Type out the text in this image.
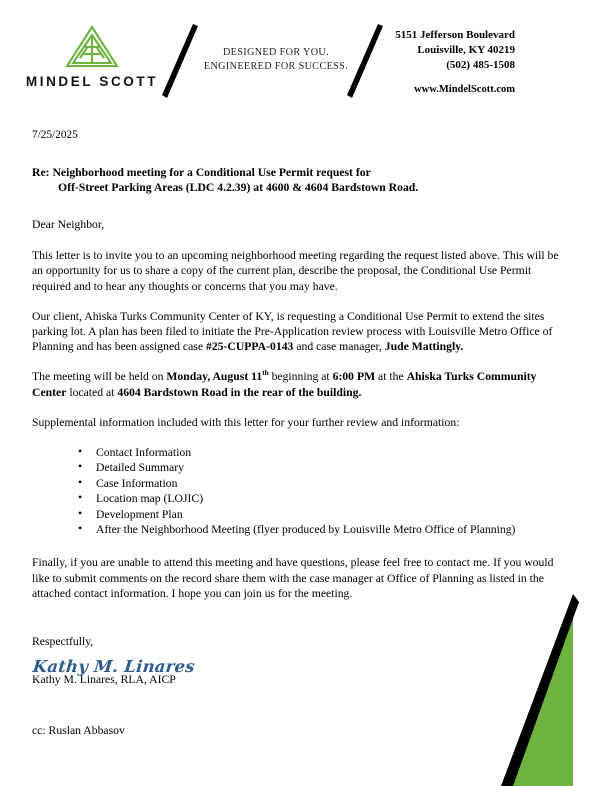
MINDEL SCOTT
DESIGNED FOR YOU.
ENGINEERED FOR SUCCESS.
5151 Jefferson Boulevard
Louisville, KY 40219
(502) 485-1508
www.MindelScott.com
7/25/2025
Re: Neighborhood meeting for a Conditional Use Permit request for
Off-Street Parking Areas (LDC 4.2.39) at 4600 & 4604 Bardstown Road.
Dear Neighbor,

This letter is to invite you to an upcoming neighborhood meeting regarding the request listed above. This will be an opportunity for us to share a copy of the current plan, describe the proposal, the Conditional Use Permit required and to hear any thoughts or concerns that you may have.

Our client, Ahiska Turks Community Center of KY, is requesting a Conditional Use Permit to extend the sites parking lot. A plan has been filed to initiate the Pre-Application review process with Louisville Metro Office of Planning and has been assigned case #25-CUPPA-0143 and case manager, Jude Mattingly.

The meeting will be held on Monday, August 11th beginning at 6:00 PM at the Ahiska Turks Community Center located at 4604 Bardstown Road in the rear of the building.

Supplemental information included with this letter for your further review and information:

• Contact Information
• Detailed Summary
• Case Information
• Location map (LOJIC)
• Development Plan
• After the Neighborhood Meeting (flyer produced by Louisville Metro Office of Planning)

Finally, if you are unable to attend this meeting and have questions, please feel free to contact me. If you would like to submit comments on the record share them with the case manager at Office of Planning as listed in the attached contact information. I hope you can join us for the meeting.

Respectfully,
Kathy M. Linares
Kathy M. Linares, RLA, AICP
cc: Ruslan Abbasov
